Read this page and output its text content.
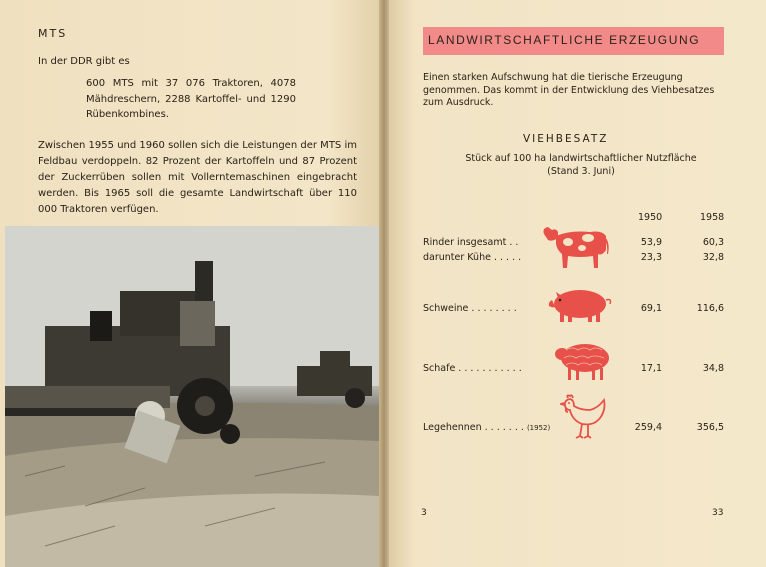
MTS
In der DDR gibt es
600 MTS mit 37 076 Traktoren, 4078 Mähdreschern, 2288 Kartoffel- und 1290 Rübenkombines.
Zwischen 1955 und 1960 sollen sich die Leistungen der MTS im Feldbau verdoppeln. 82 Prozent der Kartoffeln und 87 Prozent der Zuckerrüben sollen mit Vollerntemaschinen eingebracht werden. Bis 1965 soll die gesamte Landwirtschaft über 110 000 Traktoren verfügen.
3
LANDWIRTSCHAFTLICHE ERZEUGUNG
Einen starken Aufschwung hat die tierische Erzeugung genommen. Das kommt in der Entwicklung des Viehbesatzes zum Ausdruck.
VIEHBESATZ
Stück auf 100 ha landwirtschaftlicher Nutzfläche
(Stand 3. Juni)
1950	1958
Rinder insgesamt . .	53,9	60,3
darunter Kühe . . . . .	23,3	32,8
Schweine . . . . . . . .	69,1	116,6
Schafe . . . . . . . . . . .	17,1	34,8
Legehennen . . . . . . . (1952)	259,4	356,5
33
